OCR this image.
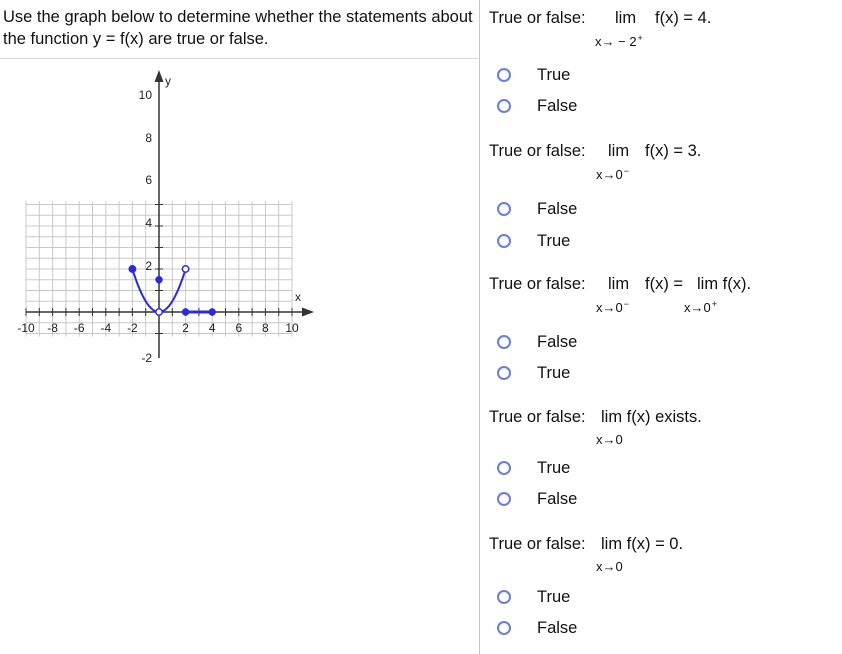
Use the graph below to determine whether the statements about the function y = f(x) are true or false.

x
y
-10 -8 -6 -4 -2	2 4 6 8 10
10
8
6
4
2
-2
True or false: lim f(x) = 4.
x→ − 2+
True
False
True or false: lim f(x) = 3.
x→0−
False
True
True or false: lim f(x) = lim f(x).
x→0−	x→0+
False
True
True or false: lim f(x) exists.
x→0
True
False
True or false: lim f(x) = 0.
x→0
True
False
